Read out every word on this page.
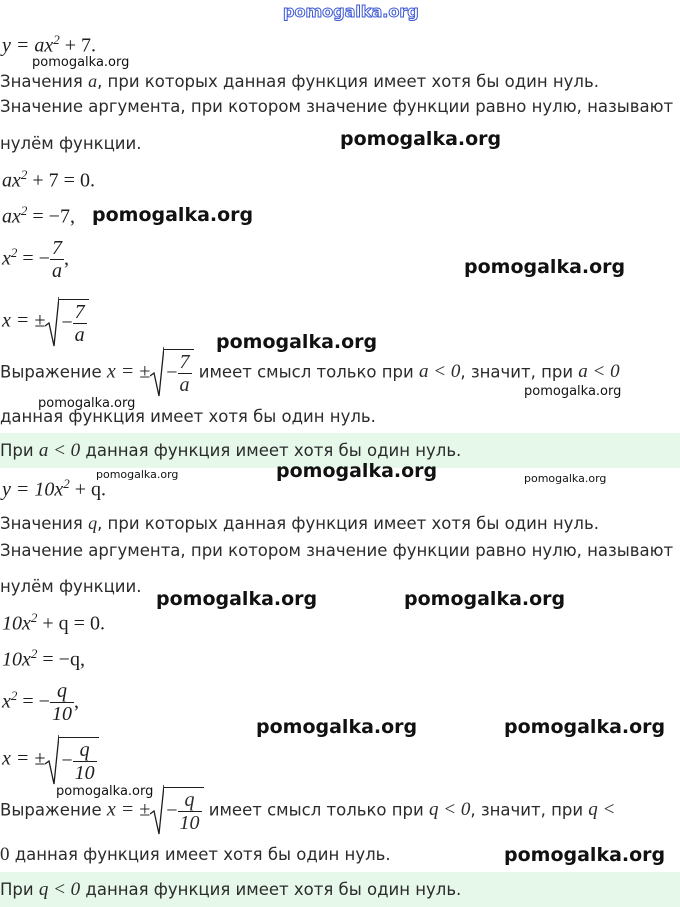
pomogalka.org
$y = ax^2 + 7$.
pomogalka.org
Значения a, при которых данная функция имеет хотя бы один нуль.
Значение аргумента, при котором значение функции равно нулю, называют
нулём функции.	pomogalka.org
$ax^2 + 7 = 0$.
$ax^2 = -7$, pomogalka.org
$x^2$ = − $\frac{7}{a}$ ,	pomogalka.org
x = ± − $\frac{7}{a}$	pomogalka.org
Выражение x = ± − $\frac{7}{a}$ имеет смысл только при a < 0, значит, при a < 0
pomogalka.org
pomogalka.org
данная функция имеет хотя бы один нуль.
При a < 0 данная функция имеет хотя бы один нуль.
pomogalka.org	pomogalka.org	pomogalka.org
$y = 10x^2 + q$.
Значения q, при которых данная функция имеет хотя бы один нуль.
Значение аргумента, при котором значение функции равно нулю, называют
нулём функции.
pomogalka.org	pomogalka.org
$10x^2 + q = 0$.
$10x^2 = -q$,
$x^2$ = − $\frac{q}{10}$ ,
pomogalka.org	pomogalka.org
x = ± − $\frac{q}{10}$
pomogalka.org
Выражение x = ± − $\frac{q}{10}$ имеет смысл только при q < 0, значит, при q <
0 данная функция имеет хотя бы один нуль.	pomogalka.org
При q < 0 данная функция имеет хотя бы один нуль.
